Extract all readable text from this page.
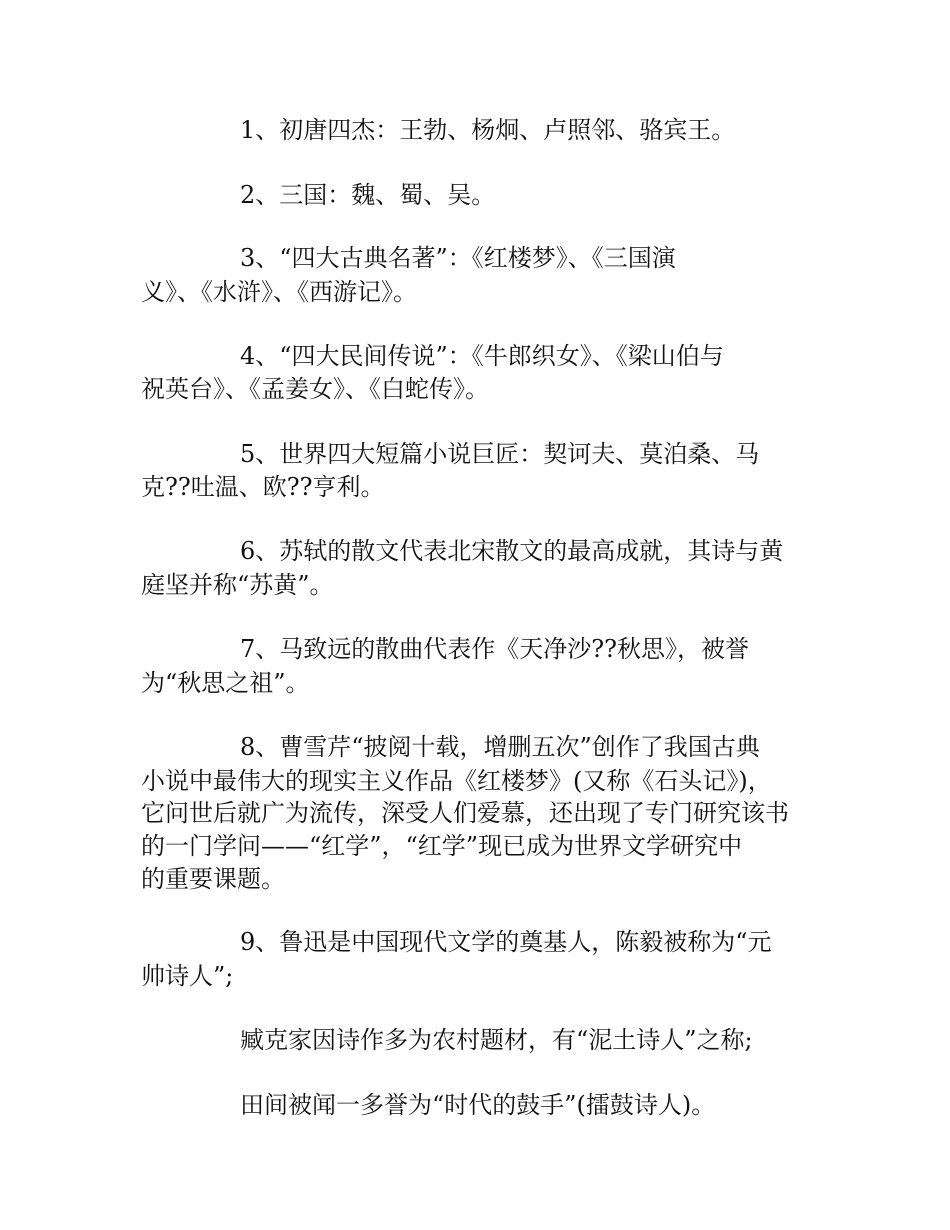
1、初唐四杰：王勃、杨炯、卢照邻、骆宾王。
2、三国：魏、蜀、吴。
3、“四大古典名著”：《红楼梦》、《三国演
义》、《水浒》、《西游记》。
4、“四大民间传说”：《牛郎织女》、《梁山伯与
祝英台》、《孟姜女》、《白蛇传》。
5、世界四大短篇小说巨匠：契诃夫、莫泊桑、马
克??吐温、欧??亨利。
6、苏轼的散文代表北宋散文的最高成就，其诗与黄
庭坚并称“苏黄”。
7、马致远的散曲代表作《天净沙??秋思》，被誉
为“秋思之祖”。
8、曹雪芹“披阅十载，增删五次”创作了我国古典
小说中最伟大的现实主义作品《红楼梦》(又称《石头记》)，
它问世后就广为流传，深受人们爱慕，还出现了专门研究该书
的一门学问——“红学”，“红学”现已成为世界文学研究中
的重要课题。
9、鲁迅是中国现代文学的奠基人，陈毅被称为“元
帅诗人”;
臧克家因诗作多为农村题材，有“泥土诗人”之称;
田间被闻一多誉为“时代的鼓手”(擂鼓诗人)。
